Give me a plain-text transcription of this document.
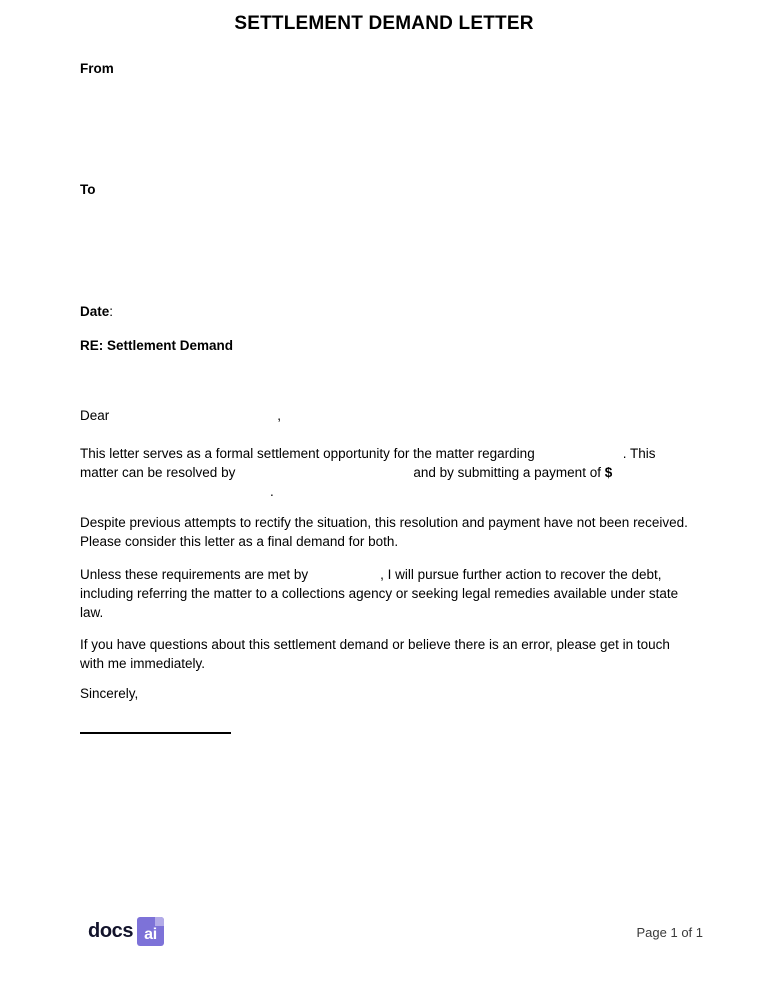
SETTLEMENT DEMAND LETTER
From
To
Date:
RE: Settlement Demand
Dear	,
This letter serves as a formal settlement opportunity for the matter regarding	. This matter can be resolved by	and by submitting a payment of $.
Despite previous attempts to rectify the situation, this resolution and payment have not been received. Please consider this letter as a final demand for both.
Unless these requirements are met by	, I will pursue further action to recover the debt, including referring the matter to a collections agency or seeking legal remedies available under state law.
If you have questions about this settlement demand or believe there is an error, please get in touch with me immediately.
Sincerely,
docs ai	Page 1 of 1
